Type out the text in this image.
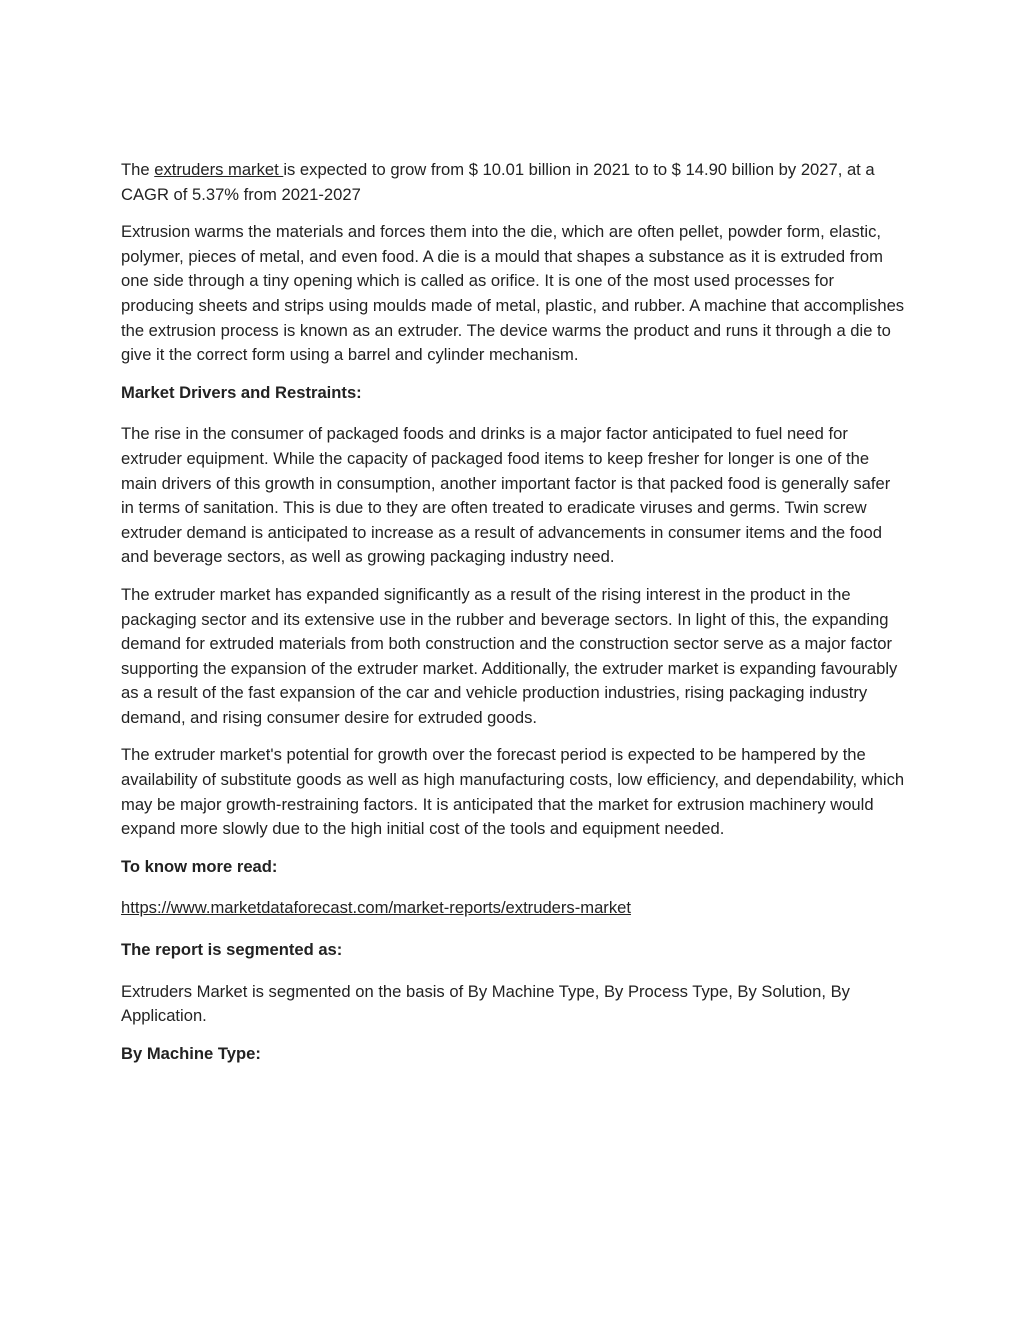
The extruders market is expected to grow from $ 10.01 billion in 2021 to to $ 14.90 billion by 2027, at a CAGR of 5.37% from 2021-2027

Extrusion warms the materials and forces them into the die, which are often pellet, powder form, elastic, polymer, pieces of metal, and even food. A die is a mould that shapes a substance as it is extruded from one side through a tiny opening which is called as orifice. It is one of the most used processes for producing sheets and strips using moulds made of metal, plastic, and rubber. A machine that accomplishes the extrusion process is known as an extruder. The device warms the product and runs it through a die to give it the correct form using a barrel and cylinder mechanism.

Market Drivers and Restraints:

The rise in the consumer of packaged foods and drinks is a major factor anticipated to fuel need for extruder equipment. While the capacity of packaged food items to keep fresher for longer is one of the main drivers of this growth in consumption, another important factor is that packed food is generally safer in terms of sanitation. This is due to they are often treated to eradicate viruses and germs. Twin screw extruder demand is anticipated to increase as a result of advancements in consumer items and the food and beverage sectors, as well as growing packaging industry need.

The extruder market has expanded significantly as a result of the rising interest in the product in the packaging sector and its extensive use in the rubber and beverage sectors. In light of this, the expanding demand for extruded materials from both construction and the construction sector serve as a major factor supporting the expansion of the extruder market. Additionally, the extruder market is expanding favourably as a result of the fast expansion of the car and vehicle production industries, rising packaging industry demand, and rising consumer desire for extruded goods.

The extruder market's potential for growth over the forecast period is expected to be hampered by the availability of substitute goods as well as high manufacturing costs, low efficiency, and dependability, which may be major growth-restraining factors. It is anticipated that the market for extrusion machinery would expand more slowly due to the high initial cost of the tools and equipment needed.

To know more read:

https://www.marketdataforecast.com/market-reports/extruders-market

The report is segmented as:

Extruders Market is segmented on the basis of By Machine Type, By Process Type, By Solution, By Application.

By Machine Type:
